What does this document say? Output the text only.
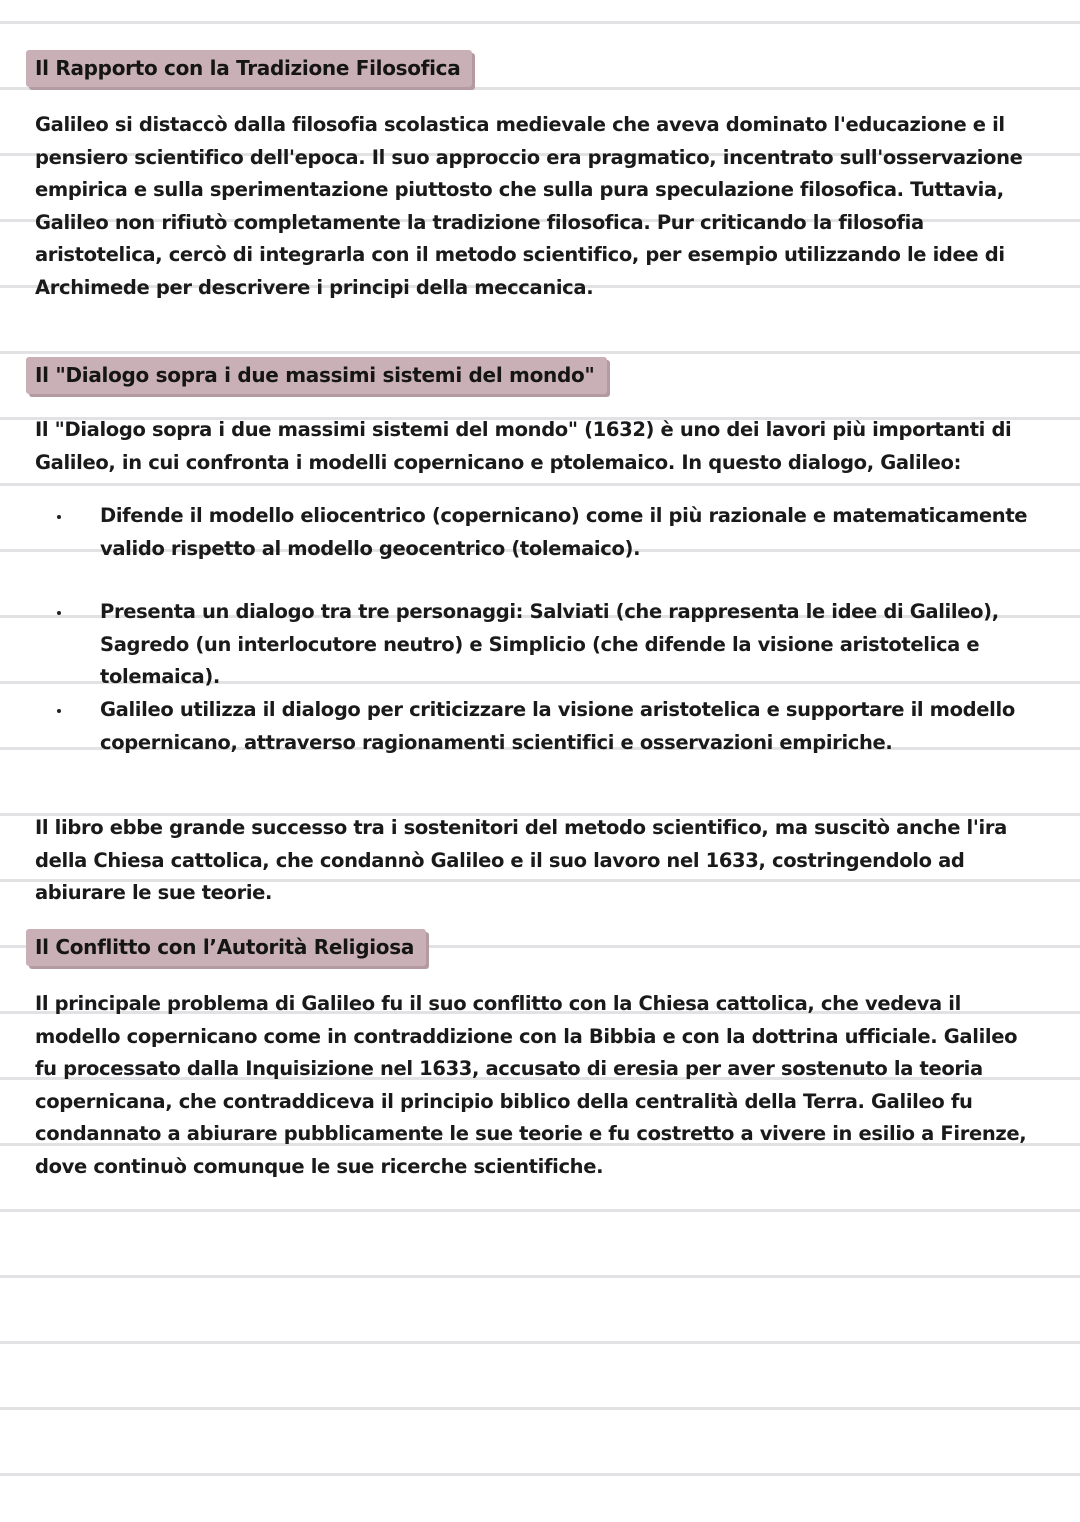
Il Rapporto con la Tradizione Filosofica
Galileo si distaccò dalla filosofia scolastica medievale che aveva dominato l'educazione e il pensiero scientifico dell'epoca. Il suo approccio era pragmatico, incentrato sull'osservazione empirica e sulla sperimentazione piuttosto che sulla pura speculazione filosofica. Tuttavia, Galileo non rifiutò completamente la tradizione filosofica. Pur criticando la filosofia aristotelica, cercò di integrarla con il metodo scientifico, per esempio utilizzando le idee di Archimede per descrivere i principi della meccanica.
Il "Dialogo sopra i due massimi sistemi del mondo"
Il "Dialogo sopra i due massimi sistemi del mondo" (1632) è uno dei lavori più importanti di Galileo, in cui confronta i modelli copernicano e ptolemaico. In questo dialogo, Galileo:
Difende il modello eliocentrico (copernicano) come il più razionale e matematicamente valido rispetto al modello geocentrico (tolemaico).
Presenta un dialogo tra tre personaggi: Salviati (che rappresenta le idee di Galileo), Sagredo (un interlocutore neutro) e Simplicio (che difende la visione aristotelica e tolemaica).
Galileo utilizza il dialogo per criticizzare la visione aristotelica e supportare il modello copernicano, attraverso ragionamenti scientifici e osservazioni empiriche.
Il libro ebbe grande successo tra i sostenitori del metodo scientifico, ma suscitò anche l'ira della Chiesa cattolica, che condannò Galileo e il suo lavoro nel 1633, costringendolo ad abiurare le sue teorie.
Il Conflitto con l’Autorità Religiosa
Il principale problema di Galileo fu il suo conflitto con la Chiesa cattolica, che vedeva il modello copernicano come in contraddizione con la Bibbia e con la dottrina ufficiale. Galileo fu processato dalla Inquisizione nel 1633, accusato di eresia per aver sostenuto la teoria copernicana, che contraddiceva il principio biblico della centralità della Terra. Galileo fu condannato a abiurare pubblicamente le sue teorie e fu costretto a vivere in esilio a Firenze, dove continuò comunque le sue ricerche scientifiche.
